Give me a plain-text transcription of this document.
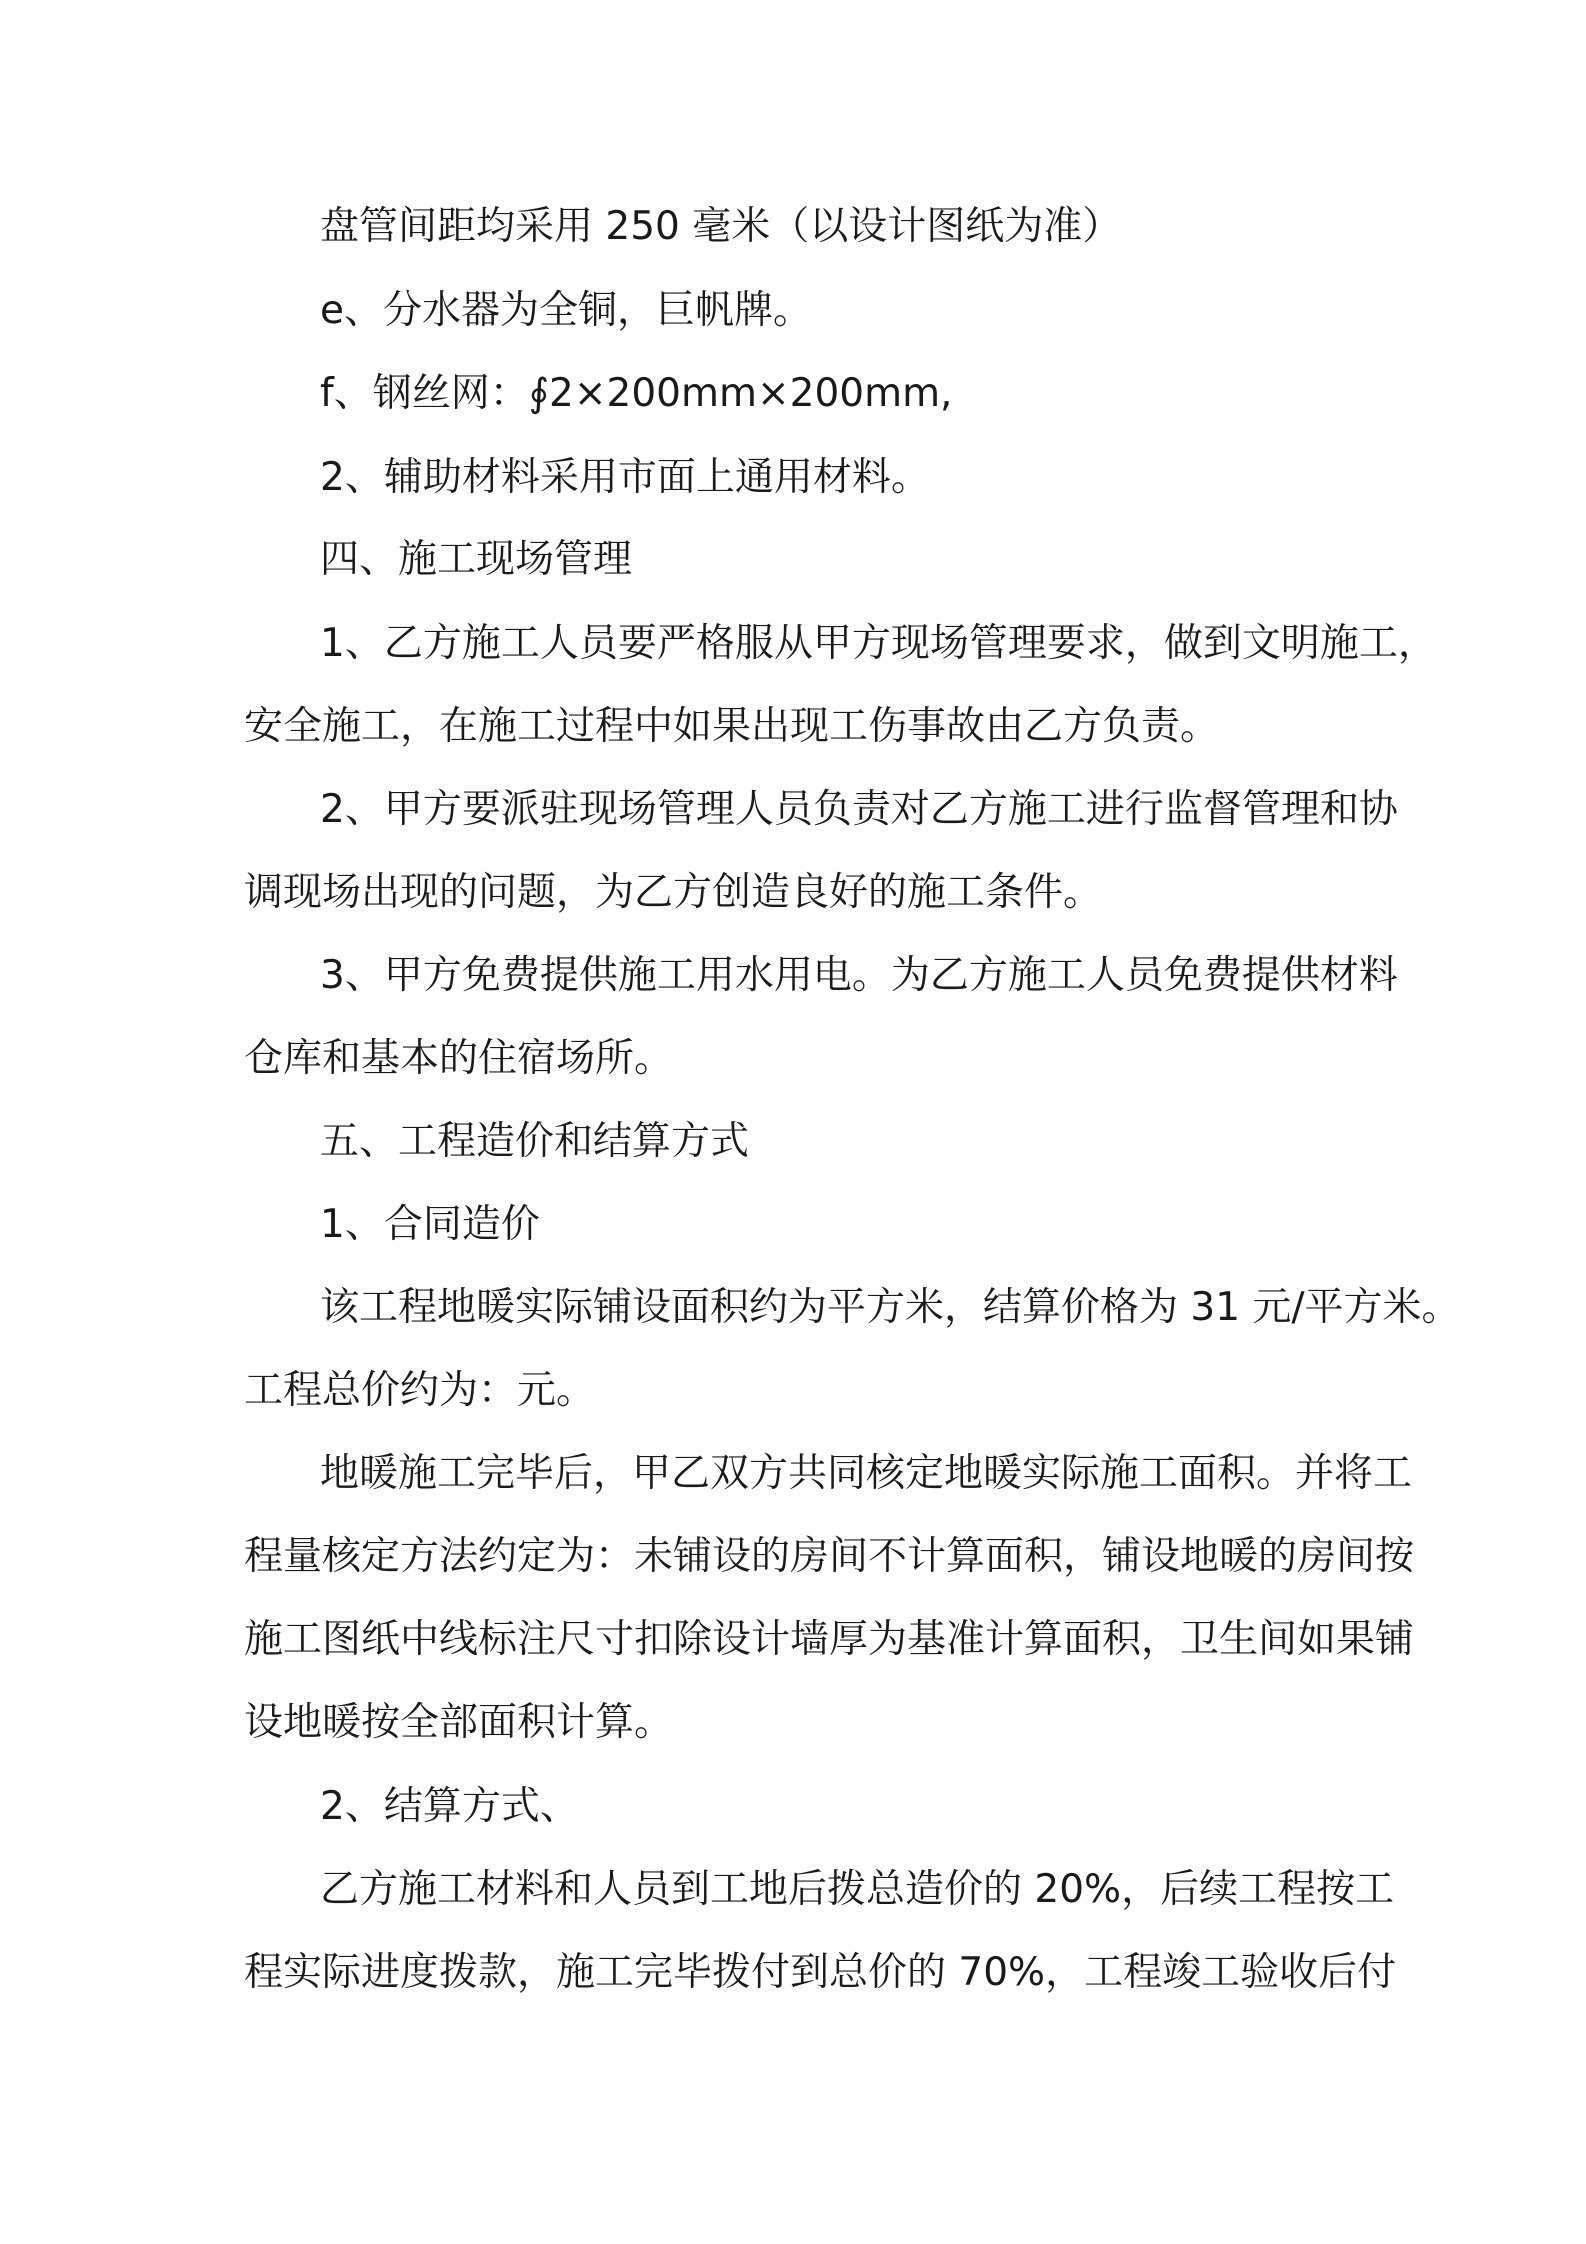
盘管间距均采用 250 毫米（以设计图纸为准）

e、分水器为全铜，巨帆牌。

f、钢丝网：∮2×200mm×200mm,

2、辅助材料采用市面上通用材料。

四、施工现场管理

1、乙方施工人员要严格服从甲方现场管理要求，做到文明施工，

安全施工，在施工过程中如果出现工伤事故由乙方负责。

2、甲方要派驻现场管理人员负责对乙方施工进行监督管理和协

调现场出现的问题，为乙方创造良好的施工条件。

3、甲方免费提供施工用水用电。为乙方施工人员免费提供材料

仓库和基本的住宿场所。

五、工程造价和结算方式

1、合同造价

该工程地暖实际铺设面积约为平方米，结算价格为 31 元/平方米。

工程总价约为：元。

地暖施工完毕后，甲乙双方共同核定地暖实际施工面积。并将工

程量核定方法约定为：未铺设的房间不计算面积，铺设地暖的房间按

施工图纸中线标注尺寸扣除设计墙厚为基准计算面积，卫生间如果铺

设地暖按全部面积计算。

2、结算方式、

乙方施工材料和人员到工地后拨总造价的 20%，后续工程按工

程实际进度拨款，施工完毕拨付到总价的 70%，工程竣工验收后付
